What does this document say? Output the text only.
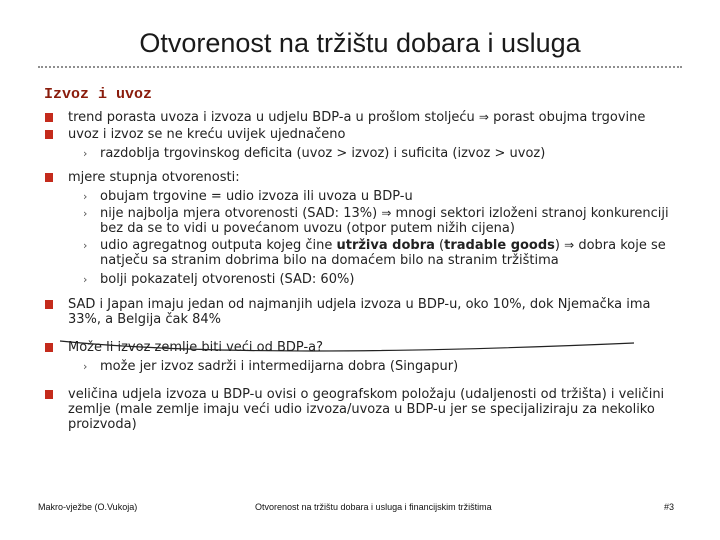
Otvorenost na tržištu dobara i usluga
Izvoz i uvoz
trend porasta uvoza i izvoza u udjelu BDP-a u prošlom stoljeću ⇒ porast obujma trgovine
uvoz i izvoz se ne kreću uvijek ujednačeno
› razdoblja trgovinskog deficita (uvoz > izvoz) i suficita (izvoz > uvoz)
mjere stupnja otvorenosti:
› obujam trgovine = udio izvoza ili uvoza u BDP-u
› nije najbolja mjera otvorenosti (SAD: 13%) ⇒ mnogi sektori izloženi stranoj konkurenciji bez da se to vidi u povećanom uvozu (otpor putem nižih cijena)
› udio agregatnog outputa kojeg čine utrživa dobra (tradable goods) ⇒ dobra koje se natječu sa stranim dobrima bilo na domaćem bilo na stranim tržištima
› bolji pokazatelj otvorenosti (SAD: 60%)
SAD i Japan imaju jedan od najmanjih udjela izvoza u BDP-u, oko 10%, dok Njemačka ima 33%, a Belgija čak 84%
Može li izvoz zemlje biti veći od BDP-a?
› može jer izvoz sadrži i intermedijarna dobra (Singapur)
veličina udjela izvoza u BDP-u ovisi o geografskom položaju (udaljenosti od tržišta) i veličini zemlje (male zemlje imaju veći udio izvoza/uvoza u BDP-u jer se specijaliziraju za nekoliko proizvoda)
Makro-vježbe (O.Vukoja)	Otvorenost na tržištu dobara i usluga i financijskim tržištima	#3
